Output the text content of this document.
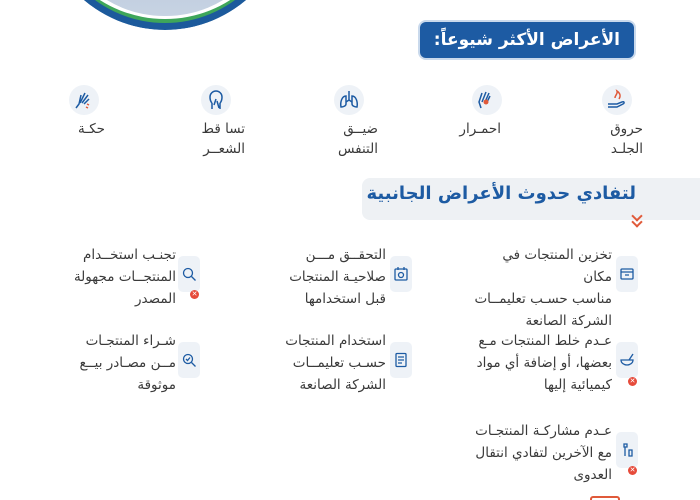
الأعراض الأكثر شيوعاً:
حروق
الجلـد
احمـرار
ضيــق
التنفس
تسا قط
الشعــر
حكـة
لتفادي حدوث الأعراض الجانبية
تخزين المنتجات في مكان
مناسب حسـب تعليمــات
الشركة الصانعة
عـدم خلط المنتجات مـع
بعضها، أو إضافة أي مواد
كيميائية إليها	✕
عـدم مشاركـة المنتجـات
مع الآخرين لتفادي انتقال
العدوى	✕
التحقــق مـــن
صلاحيـة المنتجات
قبل استخدامها
استخدام المنتجات
حسـب تعليمــات
الشركة الصانعة
تجنـب استخــدام
المنتجــات مجهولة
المصدر ✕
شـراء المنتجـات
مــن مصـادر بيــع
موثوقة
